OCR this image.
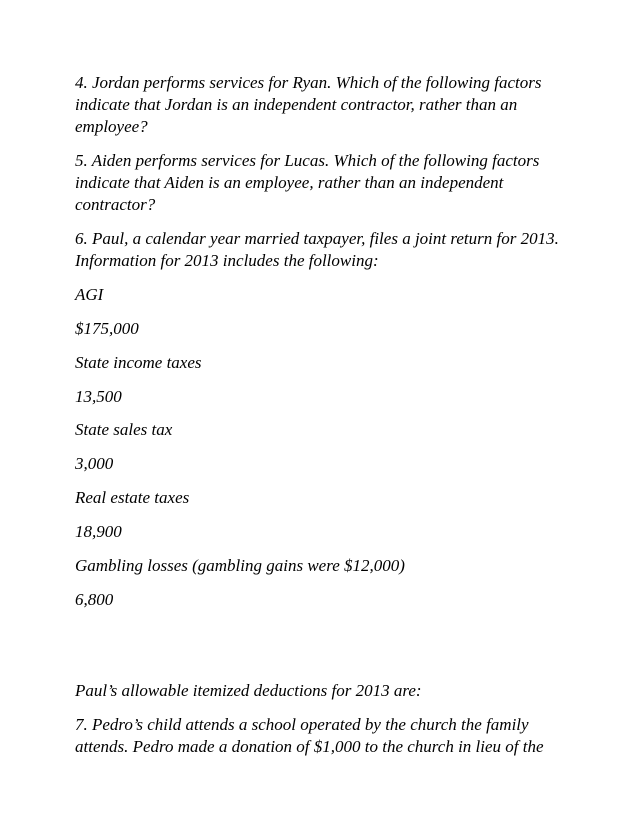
4. Jordan performs services for Ryan. Which of the following factors

indicate that Jordan is an independent contractor, rather than an

employee?

5. Aiden performs services for Lucas. Which of the following factors

indicate that Aiden is an employee, rather than an independent

contractor?

6. Paul, a calendar year married taxpayer, files a joint return for 2013.

Information for 2013 includes the following:

AGI

$175,000

State income taxes

13,500

State sales tax

3,000

Real estate taxes

18,900

Gambling losses (gambling gains were $12,000)

6,800

Paul’s allowable itemized deductions for 2013 are:

7. Pedro’s child attends a school operated by the church the family

attends. Pedro made a donation of $1,000 to the church in lieu of the
